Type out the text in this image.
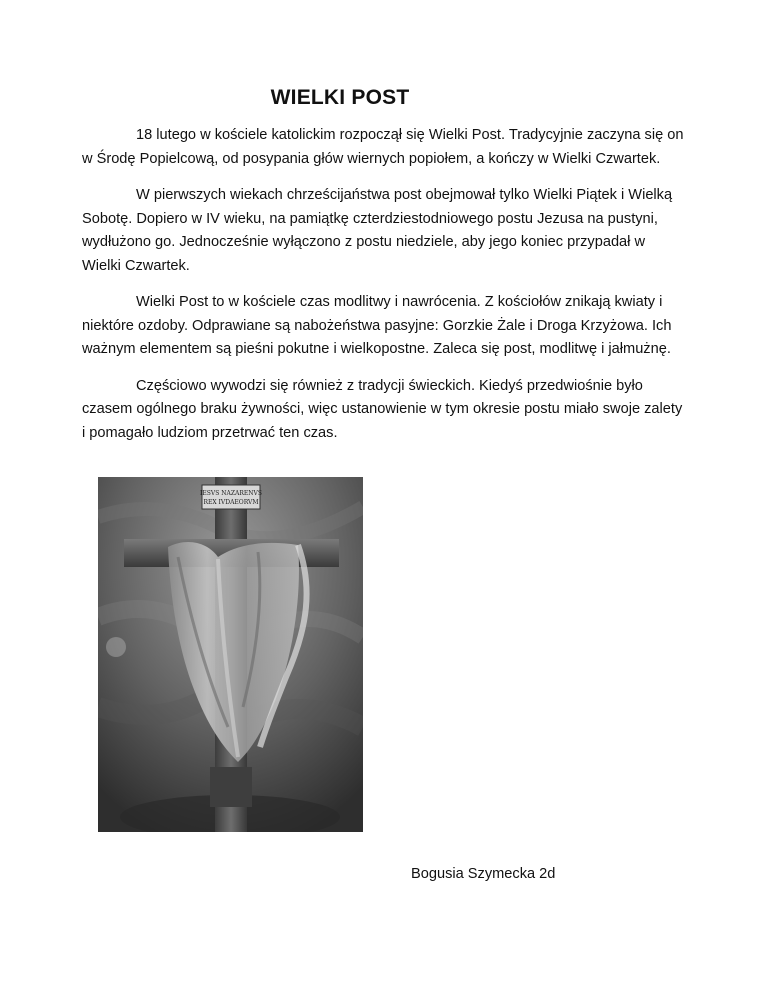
WIELKI POST

18 lutego w kościele katolickim rozpoczął się Wielki Post. Tradycyjnie zaczyna się on w Środę Popielcową, od posypania głów wiernych popiołem, a kończy w Wielki Czwartek.

W pierwszych wiekach chrześcijaństwa post obejmował tylko Wielki Piątek i Wielką Sobotę. Dopiero w IV wieku, na pamiątkę czterdziestodniowego postu Jezusa na pustyni, wydłużono go. Jednocześnie wyłączono z postu niedziele, aby jego koniec przypadał w Wielki Czwartek.

Wielki Post to w kościele czas modlitwy i nawrócenia. Z kościołów znikają kwiaty i niektóre ozdoby. Odprawiane są nabożeństwa pasyjne: Gorzkie Żale i Droga Krzyżowa. Ich ważnym elementem są pieśni pokutne i wielkopostne. Zaleca się post, modlitwę i jałmużnę.

Częściowo wywodzi się również z tradycji świeckich. Kiedyś przedwiośnie było czasem ogólnego braku żywności, więc ustanowienie w tym okresie postu miało swoje zalety i pomagało ludziom przetrwać ten czas.

IESVS NAZARENVS
REX IVDAEORVM
Bogusia Szymecka 2d
